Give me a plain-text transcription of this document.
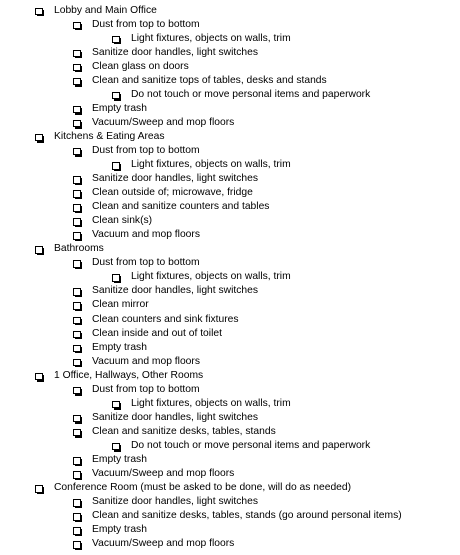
Lobby and Main Office
Dust from top to bottom
Light fixtures, objects on walls, trim
Sanitize door handles, light switches
Clean glass on doors
Clean and sanitize tops of tables, desks and stands
Do not touch or move personal items and paperwork
Empty trash
Vacuum/Sweep and mop floors
Kitchens & Eating Areas
Dust from top to bottom
Light fixtures, objects on walls, trim
Sanitize door handles, light switches
Clean outside of; microwave, fridge
Clean and sanitize counters and tables
Clean sink(s)
Vacuum and mop floors
Bathrooms
Dust from top to bottom
Light fixtures, objects on walls, trim
Sanitize door handles, light switches
Clean mirror
Clean counters and sink fixtures
Clean inside and out of toilet
Empty trash
Vacuum and mop floors
1 Office, Hallways, Other Rooms
Dust from top to bottom
Light fixtures, objects on walls, trim
Sanitize door handles, light switches
Clean and sanitize desks, tables, stands
Do not touch or move personal items and paperwork
Empty trash
Vacuum/Sweep and mop floors
Conference Room (must be asked to be done, will do as needed)
Sanitize door handles, light switches
Clean and sanitize desks, tables, stands (go around personal items)
Empty trash
Vacuum/Sweep and mop floors
